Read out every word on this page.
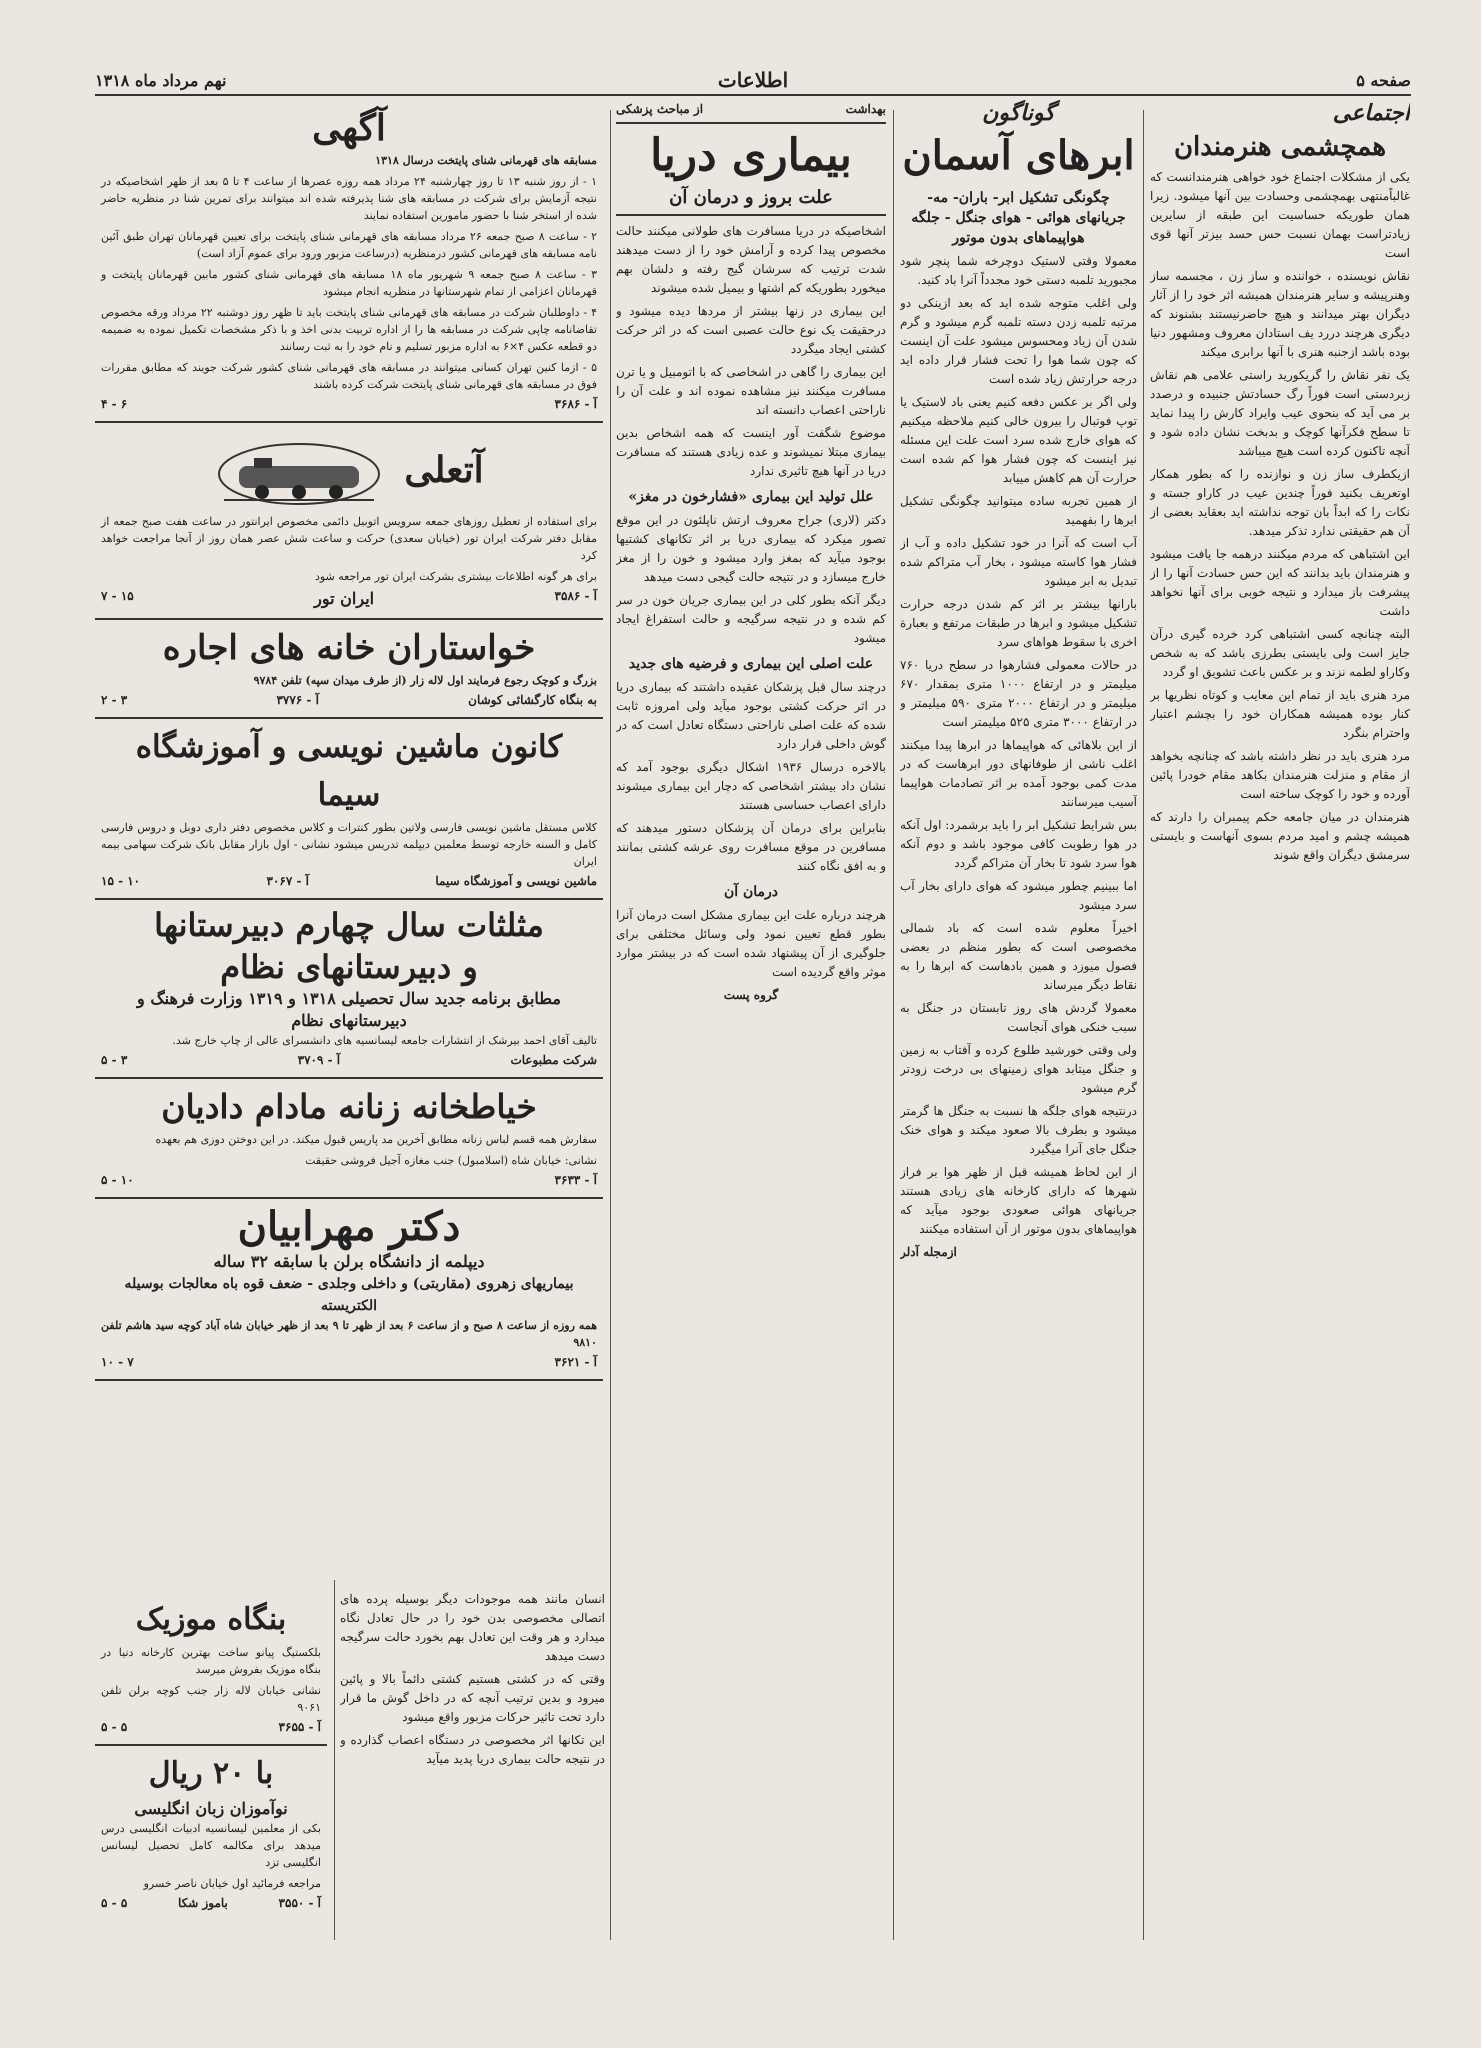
صفحه ۵
اطلاعات
نهم مرداد ماه ۱۳۱۸
اجتماعی
همچشمی هنرمندان

یکی از مشکلات اجتماع خود خواهی هنرمندانست که غالباًمنتهی بهمچشمی وحسادت بین آنها میشود. زیرا همان طوریکه حساسیت این طبقه از سایرین زیادتراست بهمان نسبت حس حسد بیزتر آنها قوی است

نقاش نویسنده ، خواننده و ساز زن ، مجسمه ساز وهنرپیشه و سایر هنرمندان همیشه اثر خود را از آثار دیگران بهتر میدانند و هیچ حاضرنیستند بشنوند که دیگری هرچند دررد یف استادان معروف ومشهور دنیا بوده باشد ازجنبه هنری با آنها برابری میکند

یک نفر نقاش را گریکورید راستی علامی هم نقاش زبردستی است فوراً رگ حسادتش جنبیده و درصدد بر می آید که بنحوی عیب وایراد کارش را پیدا نماید تا سطح فکرآنها کوچک و بدبخت نشان داده شود و آنچه تاکنون کرده است هیچ میباشد

ازیکطرف ساز زن و نوازنده را که بطور همکار اوتعریف بکنید فوراً چندین عیب در کاراو جسته و نکات را که ابداً بان توجه نداشته اید بعقاید بعضی از آن هم حقیقتی ندارد تذکر میدهد.

این اشتباهی که مردم میکنند درهمه جا یافت میشود و هنرمندان باید بدانند که این حس حسادت آنها را از پیشرفت باز میدارد و نتیجه خوبی برای آنها نخواهد داشت

البته چنانچه کسی اشتباهی کرد خرده گیری درآن جایز است ولی بایستی بطرزی باشد که به شخص وکاراو لطمه نزند و بر عکس باعث تشویق او گردد

مرد هنری باید از تمام این معایب و کوتاه نظریها بر کنار بوده همیشه همکاران خود را بچشم اعتبار واحترام بنگرد

مرد هنری باید در نظر داشته باشد که چنانچه بخواهد از مقام و منزلت هنرمندان بکاهد مقام خودرا پائین آورده و خود را کوچک ساخته است

هنرمندان در میان جامعه حکم پیمبران را دارند که همیشه چشم و امید مردم بسوی آنهاست و بایستی سرمشق دیگران واقع شوند

گوناگون
ابرهای آسمان
چگونگی تشکیل ابر- باران- مه- جریانهای هوائی - هوای جنگل - جلگه هواپیماهای بدون موتور

معمولا وقتی لاستیک دوچرخه شما پنچر شود مجبورید تلمبه دستی خود مجدداً آنرا باد کنید.

ولی اغلب متوجه شده اید که بعد ازینکی دو مرتبه تلمبه زدن دسته تلمبه گرم میشود و گرم شدن آن زیاد ومحسوس میشود علت آن اینست که چون شما هوا را تحت فشار قرار داده اید درجه حرارتش زیاد شده است

ولی اگر بر عکس دفعه کنیم یعنی باد لاستیک یا توپ فوتبال را بیرون خالی کنیم ملاحظه میکنیم که هوای خارج شده سرد است علت این مسئله نیز اینست که چون فشار هوا کم شده است حرارت آن هم کاهش مییابد

از همین تجربه ساده میتوانید چگونگی تشکیل ابرها را بفهمید

آب است که آنرا در خود تشکیل داده و آب از فشار هوا کاسته میشود ، بخار آب متراکم شده تبدیل به ابر میشود

بارانها بیشتر بر اثر کم شدن درجه حرارت تشکیل میشود و ابرها در طبقات مرتفع و بعبارة اخری با سقوط هواهای سرد

در حالات معمولی فشارهوا در سطح دریا ۷۶۰ میلیمتر و در ارتفاع ۱۰۰۰ متری بمقدار ۶۷۰ میلیمتر و در ارتفاع ۲۰۰۰ متری ۵۹۰ میلیمتر و در ارتفاع ۳۰۰۰ متری ۵۲۵ میلیمتر است

از این بلاهائی که هواپیماها در ابرها پیدا میکنند اغلب ناشی از طوفانهای دور ابرهاست که در مدت کمی بوجود آمده بر اثر تصادمات هواپیما آسیب میرسانند

بس شرایط تشکیل ابر را باید برشمرد: اول آنکه در هوا رطوبت کافی موجود باشد و دوم آنکه هوا سرد شود تا بخار آن متراکم گردد

اما ببینیم چطور میشود که هوای دارای بخار آب سرد میشود

اخیراً معلوم شده است که باد شمالی مخصوصی است که بطور منظم در بعضی فصول میوزد و همین بادهاست که ابرها را به نقاط دیگر میرساند

معمولا گردش های روز تابستان در جنگل به سبب خنکی هوای آنجاست

ولی وقتی خورشید طلوع کرده و آفتاب به زمین و جنگل میتابد هوای زمینهای بی درخت زودتر گرم میشود

درنتیجه هوای جلگه ها نسبت به جنگل ها گرمتر میشود و بطرف بالا صعود میکند و هوای خنک جنگل جای آنرا میگیرد

از این لحاظ همیشه قبل از ظهر هوا بر فراز شهرها که دارای کارخانه های زیادی هستند جریانهای هوائی صعودی بوجود میآید که هواپیماهای بدون موتور از آن استفاده میکنند

ازمجله آدلر

بهداشت
از مباحث پزشکی
بیماری دریا
علت بروز و درمان آن

اشخاصیکه در دریا مسافرت های طولانی میکنند حالت مخصوص پیدا کرده و آرامش خود را از دست میدهند شدت ترتیب که سرشان گیج رفته و دلشان بهم میخورد بطوریکه کم اشتها و بیمیل شده میشوند

این بیماری در زنها بیشتر از مردها دیده میشود و درحقیقت یک نوع حالت عصبی است که در اثر حرکت کشتی ایجاد میگردد

این بیماری را گاهی در اشخاصی که با اتومبیل و یا ترن مسافرت میکنند نیز مشاهده نموده اند و علت آن را ناراحتی اعصاب دانسته اند

موضوع شگفت آور اینست که همه اشخاص بدین بیماری مبتلا نمیشوند و عده زیادی هستند که مسافرت دریا در آنها هیچ تاثیری ندارد

علل تولید این بیماری «فشارخون در مغز»

دکتر (لاری) جراح معروف ارتش ناپلئون در این موقع تصور میکرد که بیماری دریا بر اثر تکانهای کشتیها بوجود میآید که بمغز وارد میشود و خون را از مغز خارج میسازد و در نتیجه حالت گیجی دست میدهد

دیگر آنکه بطور کلی در این بیماری جریان خون در سر کم شده و در نتیجه سرگیجه و حالت استفراغ ایجاد میشود

علت اصلی این بیماری و فرضیه های جدید

درچند سال قبل پزشکان عقیده داشتند که بیماری دریا در اثر حرکت کشتی بوجود میآید ولی امروزه ثابت شده که علت اصلی ناراحتی دستگاه تعادل است که در گوش داخلی قرار دارد

بالاخره درسال ۱۹۳۶ اشکال دیگری بوجود آمد که نشان داد بیشتر اشخاصی که دچار این بیماری میشوند دارای اعصاب حساسی هستند

بنابراین برای درمان آن پزشکان دستور میدهند که مسافرین در موقع مسافرت روی عرشه کشتی بمانند و به افق نگاه کنند

درمان آن

هرچند درباره علت این بیماری مشکل است درمان آنرا بطور قطع تعیین نمود ولی وسائل مختلفی برای جلوگیری از آن پیشنهاد شده است که در بیشتر موارد موثر واقع گردیده است

گروه پست

انسان مانند همه موجودات دیگر بوسیله پرده های اتصالی مخصوصی بدن خود را در حال تعادل نگاه میدارد و هر وقت این تعادل بهم بخورد حالت سرگیجه دست میدهد

وقتی که در کشتی هستیم کشتی دائماً بالا و پائین میرود و بدین ترتیب آنچه که در داخل گوش ما قرار دارد تحت تاثیر حرکات مزبور واقع میشود

این تکانها اثر مخصوصی در دستگاه اعصاب گذارده و در نتیجه حالت بیماری دریا پدید میآید

آگهی

مسابقه های قهرمانی شنای پایتخت درسال ۱۳۱۸

۱ - از روز شنبه ۱۳ تا روز چهارشنبه ۲۴ مرداد همه روزه عصرها از ساعت ۴ تا ۵ بعد از ظهر اشخاصیکه در نتیجه آزمایش برای شرکت در مسابقه های شنا پذیرفته شده اند میتوانند برای تمرین شنا در منظریه حاضر شده از استخر شنا با حضور مامورین استفاده نمایند

۲ - ساعت ۸ صبح جمعه ۲۶ مرداد مسابقه های قهرمانی شنای پایتخت برای تعیین قهرمانان تهران طبق آئین نامه مسابقه های قهرمانی کشور درمنظریه (درساعت مزبور ورود برای عموم آزاد است)

۳ - ساعت ۸ صبح جمعه ۹ شهریور ماه ۱۸ مسابقه های قهرمانی شنای کشور مابین قهرمانان پایتخت و قهرمانان اعزامی از تمام شهرستانها در منظریه انجام میشود

۴ - داوطلبان شرکت در مسابقه های قهرمانی شنای پایتخت باید تا ظهر روز دوشنبه ۲۲ مرداد ورقه مخصوص تقاضانامه چاپی شرکت در مسابقه ها را از اداره تربیت بدنی اخذ و با ذکر مشخصات تکمیل نموده به ضمیمه دو قطعه عکس ۴×۶ به اداره مزبور تسلیم و نام خود را به ثبت رسانند

۵ - ازما کنین تهران کسانی میتوانند در مسابقه های قهرمانی شنای کشور شرکت جویند که مطابق مقررات فوق در مسابقه های قهرمانی شنای پایتخت شرکت کرده باشند

آ - ۳۶۸۶
۶ - ۴
آتعلی

برای استفاده از تعطیل روزهای جمعه سرویس اتوبیل دائمی مخصوص ایرانتور در ساعت هفت صبح جمعه از مقابل دفتر شرکت ایران تور (خیابان سعدی) حرکت و ساعت شش عصر همان روز از آنجا مراجعت خواهد کرد

برای هر گونه اطلاعات بیشتری بشرکت ایران تور مراجعه شود

آ - ۳۵۸۶
ایران تور
۱۵ - ۷
خواستاران خانه های اجاره

بزرگ و کوچک رجوع فرمایند اول لاله زار (از طرف میدان سپه) تلفن ۹۷۸۴

به بنگاه کارگشائی کوشان
آ - ۳۷۷۶
۳ - ۲
کانون ماشین نویسی و آموزشگاه سیما

کلاس مستقل ماشین نویسی فارسی ولاتین بطور کنترات و کلاس مخصوص دفتر داری دوبل و دروس فارسی کامل و السنه خارجه توسط معلمین دیپلمه تدریس میشود نشانی - اول بازار مقابل بانک شرکت سهامی بیمه ایران

ماشین نویسی و آموزشگاه سیما
آ - ۳۰۶۷
۱۰ - ۱۵
مثلثات سال چهارم دبیرستانها
و دبیرستانهای نظام
مطابق برنامه جدید سال تحصیلی ۱۳۱۸ و ۱۳۱۹ وزارت فرهنگ و دبیرستانهای نظام

تالیف آقای احمد بیرشک از انتشارات جامعه لیسانسیه های دانشسرای عالی از چاپ خارج شد.

شرکت مطبوعات
آ - ۳۷۰۹
۳ - ۵
خیاطخانه زنانه مادام دادیان

سفارش همه قسم لباس زنانه مطابق آخرین مد پاریس قبول میکند. در این دوختن دوزی هم بعهده

نشانی: خیابان شاه (اسلامبول) جنب مغازه آجیل فروشی حقیقت

آ - ۳۶۳۳
۱۰ - ۵
دکتر مهرابیان
دیپلمه از دانشگاه برلن با سابقه ۳۲ ساله
بیماریهای زهروی (مقاربتی) و داخلی وجلدی - ضعف قوه باه معالجات بوسیله الکتریسته

همه روزه از ساعت ۸ صبح و از ساعت ۶ بعد از ظهر تا ۹ بعد از ظهر خیابان شاه آباد کوچه سید هاشم تلفن ۹۸۱۰

آ - ۳۶۲۱
۷ - ۱۰
بنگاه موزیک

بلکستیگ پیانو ساخت بهترین کارخانه دنیا در بنگاه موزیک بفروش میرسد

نشانی خیابان لاله زار جنب کوچه برلن تلفن ۹۰۶۱

آ - ۳۶۵۵
۵ - ۵
با ۲۰ ریال
نوآموزان زبان انگلیسی

بکی از معلمین لیسانسیه ادبیات انگلیسی درس میدهد برای مکالمه کامل تحصیل لیسانس انگلیسی تزد

مراجعه فرمائید اول خیابان ناصر خسرو

آ - ۳۵۵۰
باموز شکا
۵ - ۵
